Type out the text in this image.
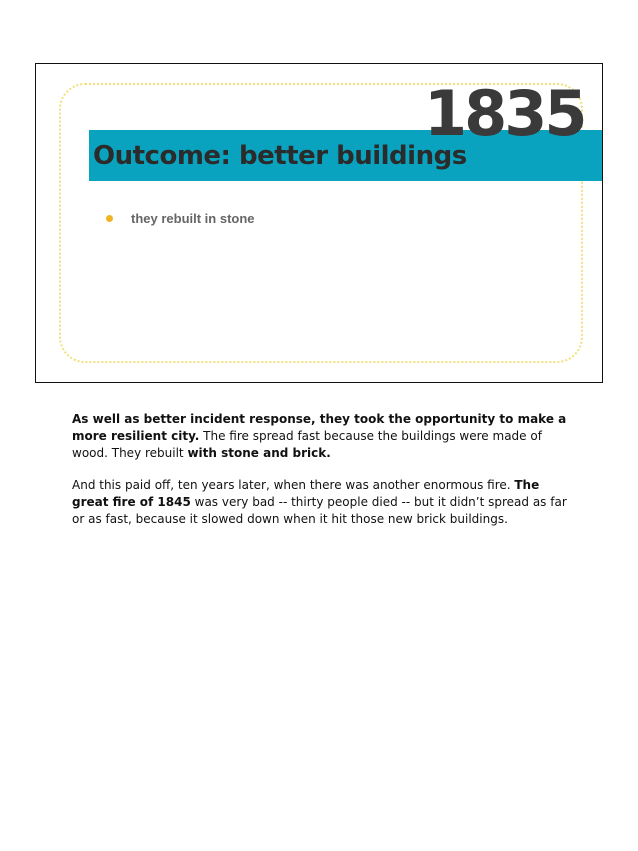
Outcome: better buildings
1835
they rebuilt in stone

As well as better incident response, they took the opportunity to make a more resilient city. The fire spread fast because the buildings were made of wood. They rebuilt with stone and brick.

And this paid off, ten years later, when there was another enormous fire. The great fire of 1845 was very bad -- thirty people died -- but it didn’t spread as far or as fast, because it slowed down when it hit those new brick buildings.
